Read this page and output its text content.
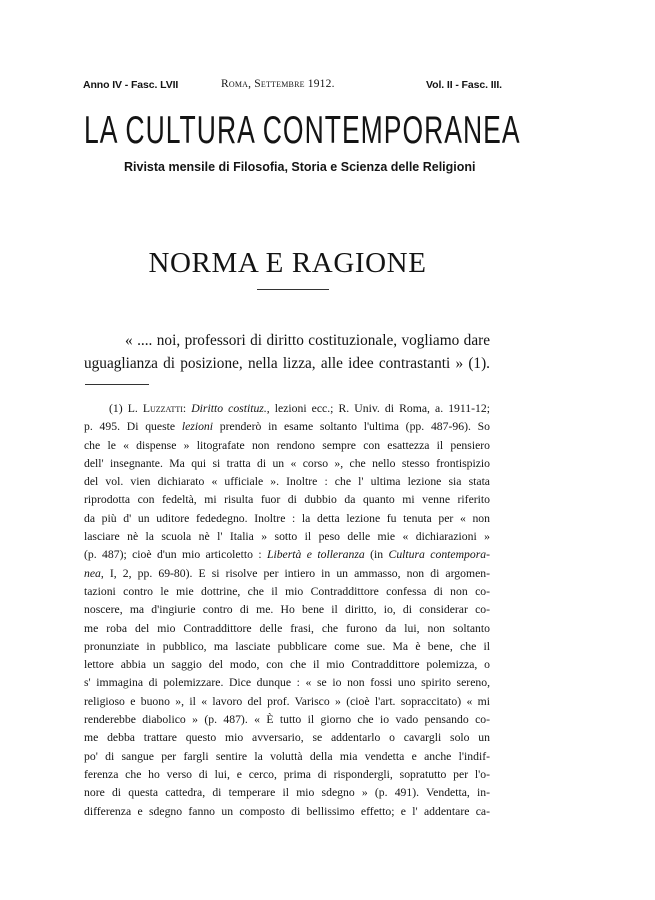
Anno IV - Fasc. LVII	Roma, Settembre 1912.	Vol. II - Fasc. III.
LA CULTURA CONTEMPORANEA
Rivista mensile di Filosofia, Storia e Scienza delle Religioni
NORMA E RAGIONE
« .... noi, professori di diritto costituzionale, vogliamo dare
uguaglianza di posizione, nella lizza, alle idee contrastanti » (1).
(1) L. Luzzatti: Diritto costituz., lezioni ecc.; R. Univ. di Roma, a. 1911-12;
p. 495. Di queste lezioni prenderò in esame soltanto l'ultima (pp. 487-96). So
che le « dispense » litografate non rendono sempre con esattezza il pensiero
dell' insegnante. Ma qui si tratta di un « corso », che nello stesso frontispizio
del vol. vien dichiarato « ufficiale ». Inoltre : che l' ultima lezione sia stata
riprodotta con fedeltà, mi risulta fuor di dubbio da quanto mi venne riferito
da più d' un uditore fededegno. Inoltre : la detta lezione fu tenuta per « non
lasciare nè la scuola nè l' Italia » sotto il peso delle mie « dichiarazioni »
(p. 487); cioè d'un mio articoletto : Libertà e tolleranza (in Cultura contempora-
nea, I, 2, pp. 69-80). E si risolve per intiero in un ammasso, non di argomen-
tazioni contro le mie dottrine, che il mio Contraddittore confessa di non co-
noscere, ma d'ingiurie contro di me. Ho bene il diritto, io, di considerar co-
me roba del mio Contraddittore delle frasi, che furono da lui, non soltanto
pronunziate in pubblico, ma lasciate pubblicare come sue. Ma è bene, che il
lettore abbia un saggio del modo, con che il mio Contraddittore polemizza, o
s' immagina di polemizzare. Dice dunque : « se io non fossi uno spirito sereno,
religioso e buono », il « lavoro del prof. Varisco » (cioè l'art. sopraccitato) « mi
renderebbe diabolico » (p. 487). « È tutto il giorno che io vado pensando co-
me debba trattare questo mio avversario, se addentarlo o cavargli solo un
po' di sangue per fargli sentire la voluttà della mia vendetta e anche l'indif-
ferenza che ho verso di lui, e cerco, prima di rispondergli, sopratutto per l'o-
nore di questa cattedra, di temperare il mio sdegno » (p. 491). Vendetta, in-
differenza e sdegno fanno un composto di bellissimo effetto; e l' addentare ca-
